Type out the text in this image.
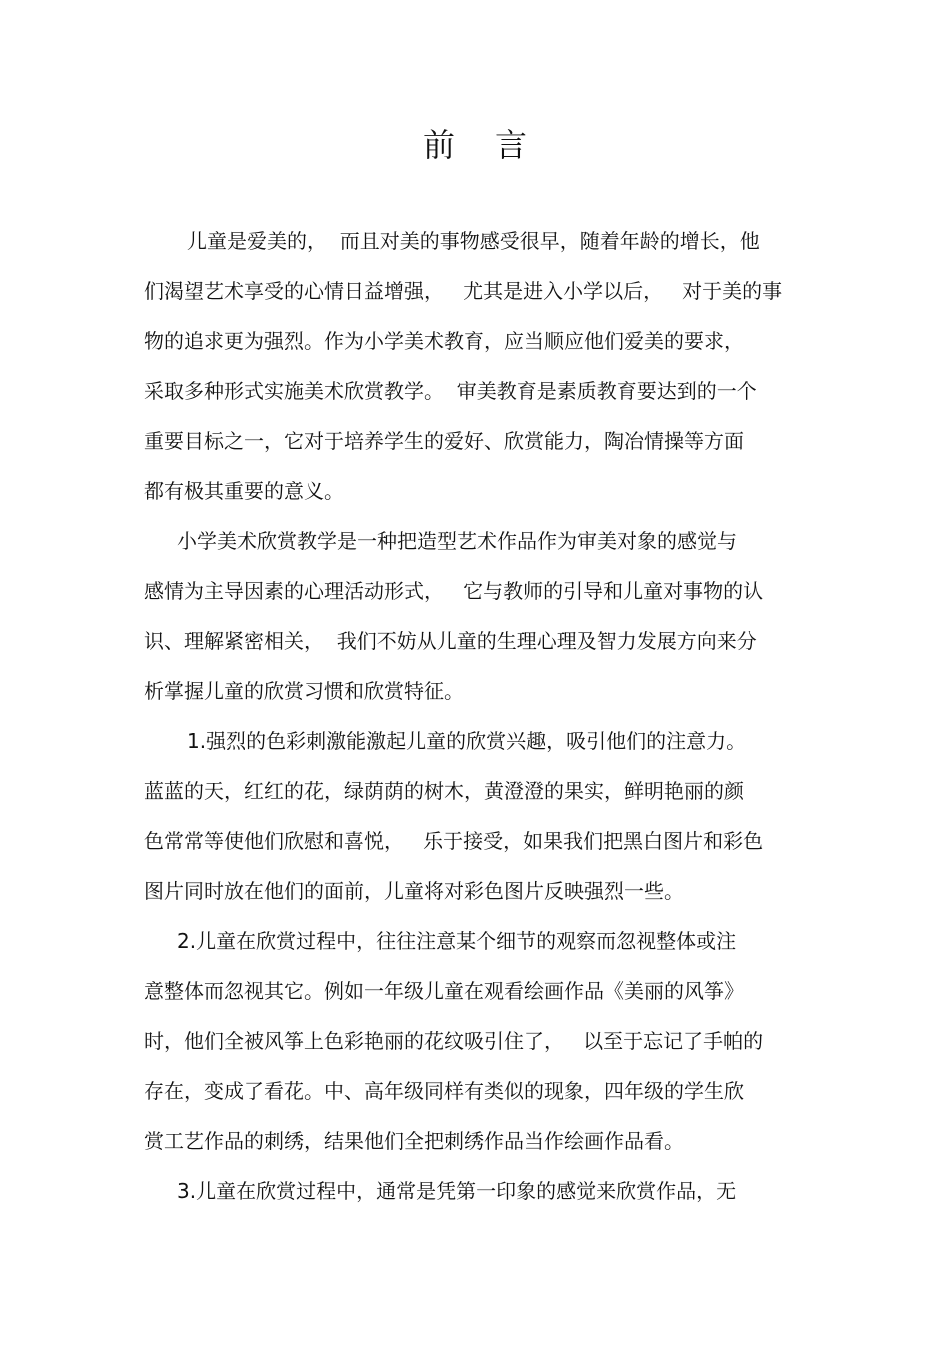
前言
儿童是爱美的，  而且对美的事物感受很早，随着年龄的增长，他
们渴望艺术享受的心情日益增强，   尤其是进入小学以后，   对于美的事
物的追求更为强烈。作为小学美术教育，应当顺应他们爱美的要求，
采取多种形式实施美术欣赏教学。  审美教育是素质教育要达到的一个
重要目标之一，它对于培养学生的爱好、欣赏能力，陶冶情操等方面
都有极其重要的意义。
小学美术欣赏教学是一种把造型艺术作品作为审美对象的感觉与
感情为主导因素的心理活动形式，   它与教师的引导和儿童对事物的认
识、理解紧密相关，  我们不妨从儿童的生理心理及智力发展方向来分
析掌握儿童的欣赏习惯和欣赏特征。
1.强烈的色彩刺激能激起儿童的欣赏兴趣，吸引他们的注意力。
蓝蓝的天，红红的花，绿荫荫的树木，黄澄澄的果实，鲜明艳丽的颜
色常常等使他们欣慰和喜悦，   乐于接受，如果我们把黑白图片和彩色
图片同时放在他们的面前，儿童将对彩色图片反映强烈一些。
2.儿童在欣赏过程中，往往注意某个细节的观察而忽视整体或注
意整体而忽视其它。例如一年级儿童在观看绘画作品《美丽的风筝》
时，他们全被风筝上色彩艳丽的花纹吸引住了，   以至于忘记了手帕的
存在，变成了看花。中、高年级同样有类似的现象，四年级的学生欣
赏工艺作品的刺绣，结果他们全把刺绣作品当作绘画作品看。
3.儿童在欣赏过程中，通常是凭第一印象的感觉来欣赏作品，无
